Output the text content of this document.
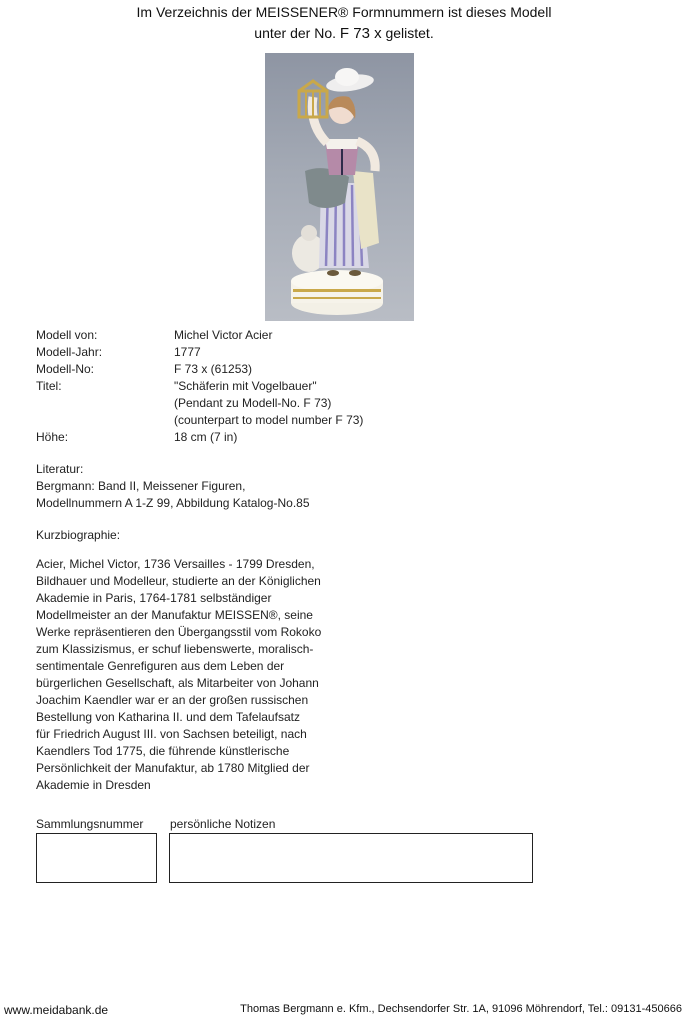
Im Verzeichnis der MEISSENER® Formnummern ist dieses Modell
unter der No. F 73 x gelistet.
Modell von:	Michel Victor Acier
Modell-Jahr:	1777
Modell-No:	F 73 x (61253)
Titel:	"Schäferin mit Vogelbauer"
(Pendant zu Modell-No. F 73)
(counterpart to model number F 73)
Höhe:	18 cm (7 in)
Literatur:
Bergmann: Band II, Meissener Figuren,
Modellnummern A 1-Z 99, Abbildung Katalog-No.85
Kurzbiographie:
Acier, Michel Victor, 1736 Versailles - 1799 Dresden,
Bildhauer und Modelleur, studierte an der Königlichen
Akademie in Paris, 1764-1781 selbständiger
Modellmeister an der Manufaktur MEISSEN®, seine
Werke repräsentieren den Übergangsstil vom Rokoko
zum Klassizismus, er schuf liebenswerte, moralisch-
sentimentale Genrefiguren aus dem Leben der
bürgerlichen Gesellschaft, als Mitarbeiter von Johann
Joachim Kaendler war er an der großen russischen
Bestellung von Katharina II. und dem Tafelaufsatz
für Friedrich August III. von Sachsen beteiligt, nach
Kaendlers Tod 1775, die führende künstlerische
Persönlichkeit der Manufaktur, ab 1780 Mitglied der
Akademie in Dresden
Sammlungsnummer persönliche Notizen
www.meidabank.de	Thomas Bergmann e. Kfm., Dechsendorfer Str. 1A, 91096 Möhrendorf, Tel.: 09131-450666
